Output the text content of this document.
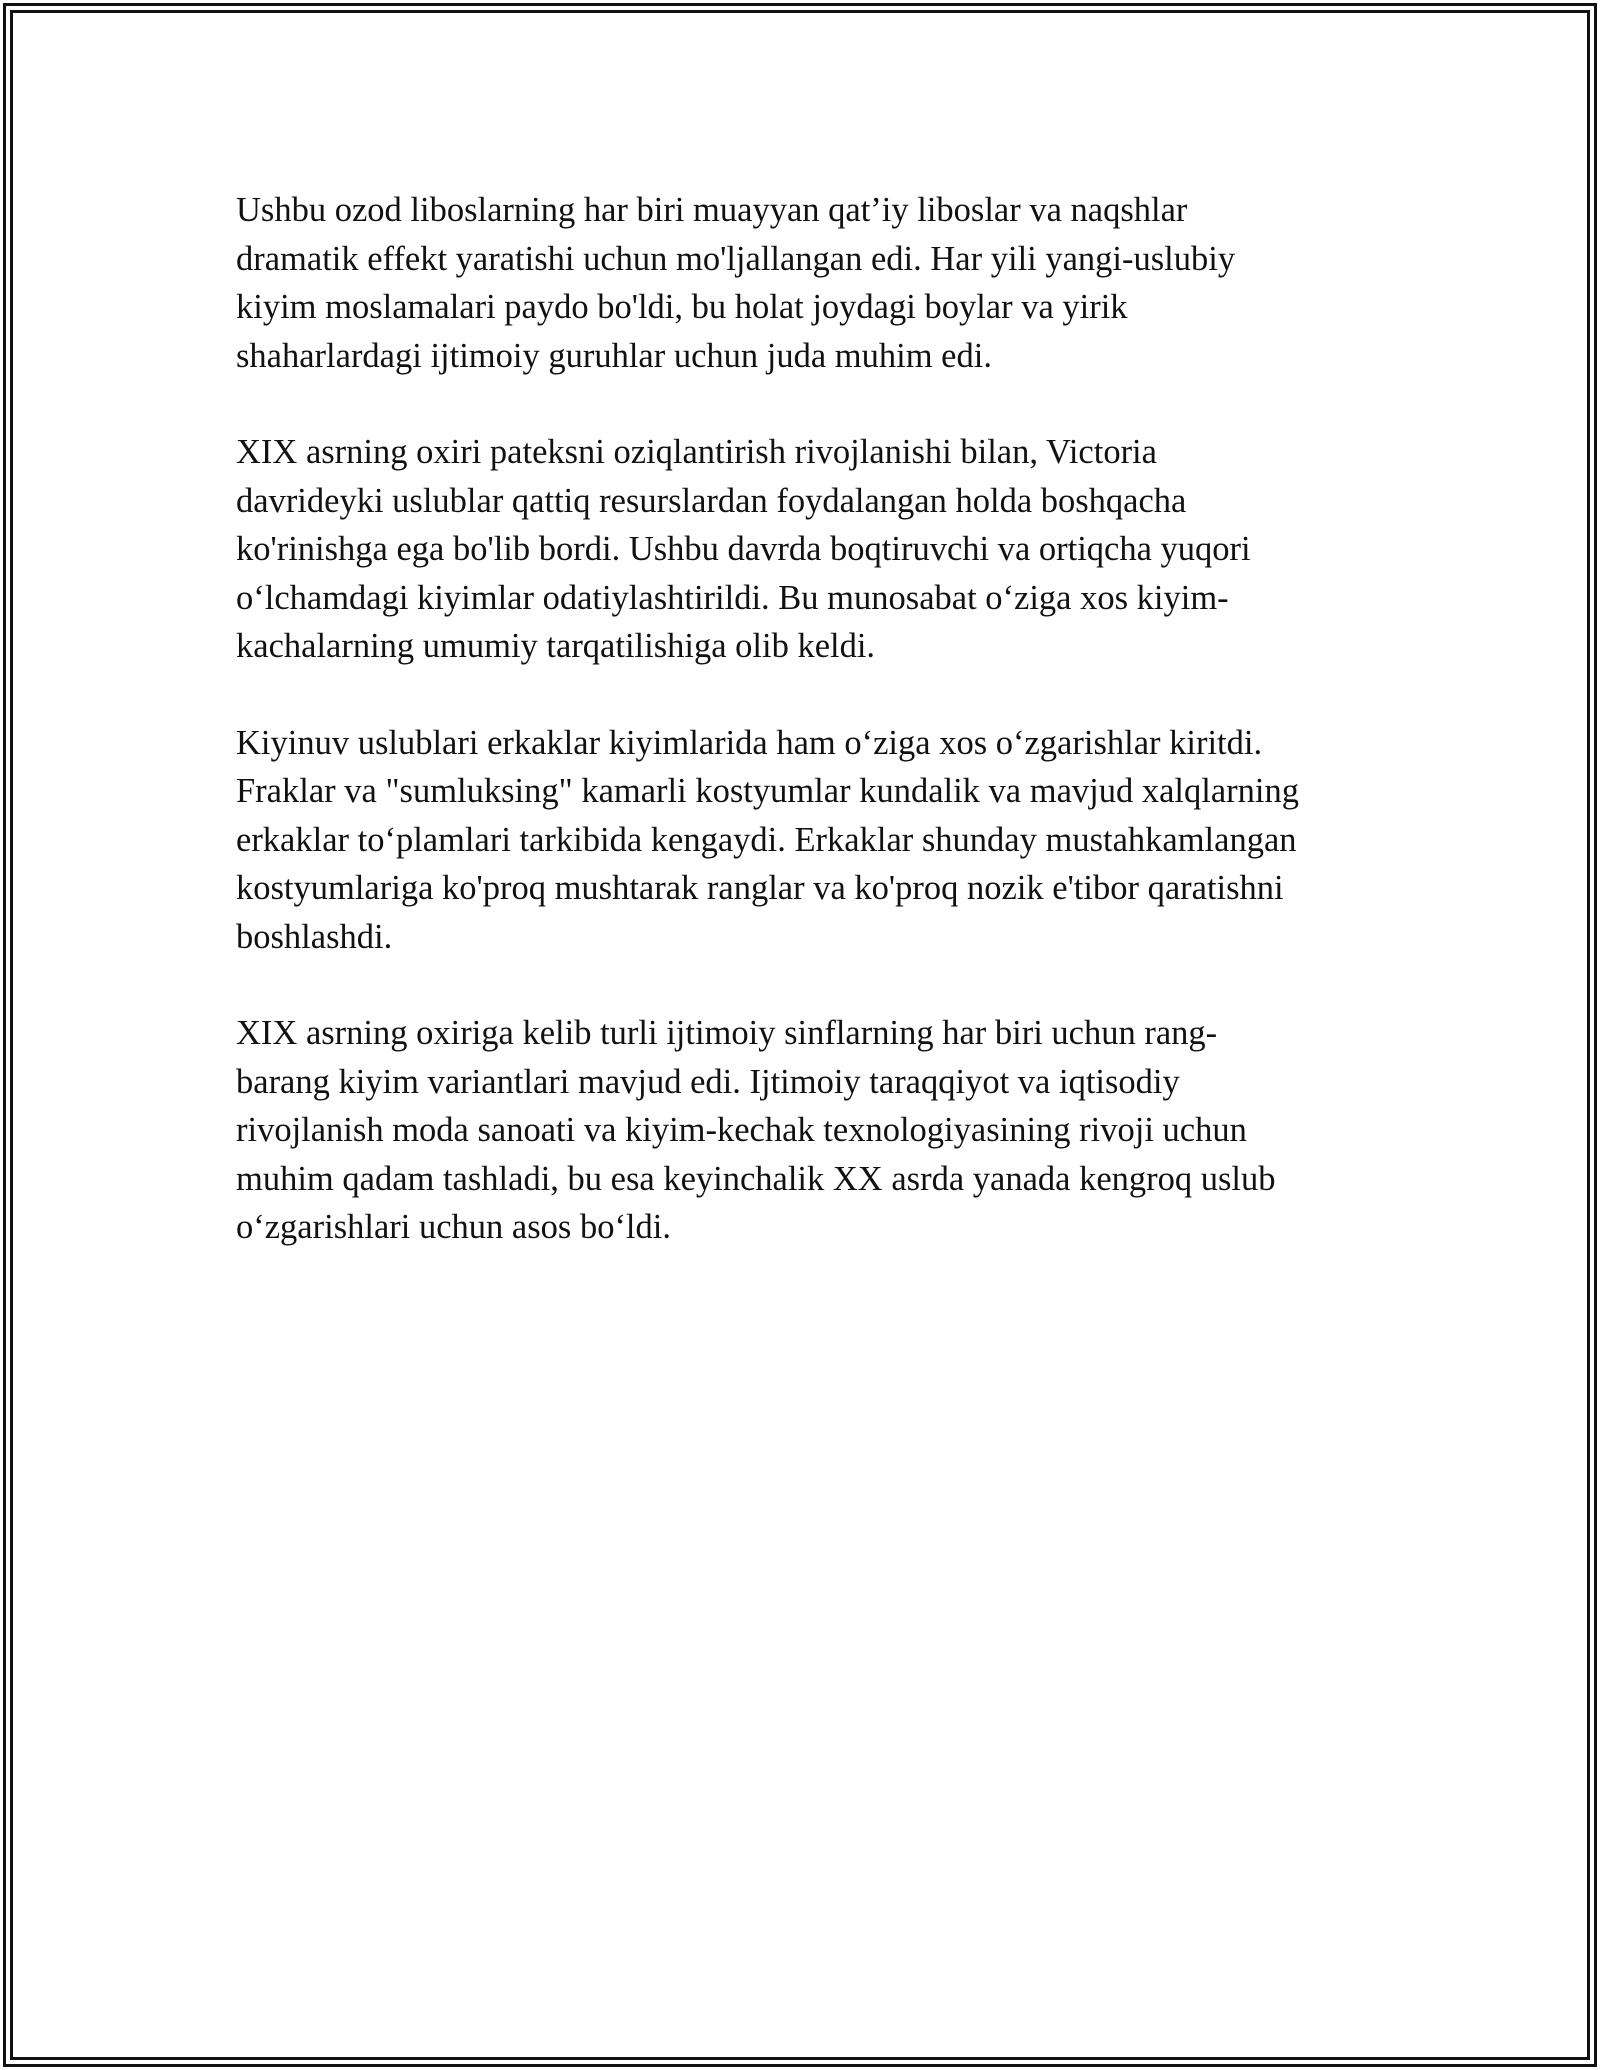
Ushbu ozod liboslarning har biri muayyan qat’iy liboslar va naqshlar
dramatik effekt yaratishi uchun mo'ljallangan edi. Har yili yangi-uslubiy
kiyim moslamalari paydo bo'ldi, bu holat joydagi boylar va yirik
shaharlardagi ijtimoiy guruhlar uchun juda muhim edi.

XIX asrning oxiri pateksni oziqlantirish rivojlanishi bilan, Victoria
davrideyki uslublar qattiq resurslardan foydalangan holda boshqacha
ko'rinishga ega bo'lib bordi. Ushbu davrda boqtiruvchi va ortiqcha yuqori
o‘lchamdagi kiyimlar odatiylashtirildi. Bu munosabat o‘ziga xos kiyim-
kachalarning umumiy tarqatilishiga olib keldi.

Kiyinuv uslublari erkaklar kiyimlarida ham o‘ziga xos o‘zgarishlar kiritdi.
Fraklar va "sumluksing" kamarli kostyumlar kundalik va mavjud xalqlarning
erkaklar to‘plamlari tarkibida kengaydi. Erkaklar shunday mustahkamlangan
kostyumlariga ko'proq mushtarak ranglar va ko'proq nozik e'tibor qaratishni
boshlashdi.

XIX asrning oxiriga kelib turli ijtimoiy sinflarning har biri uchun rang-
barang kiyim variantlari mavjud edi. Ijtimoiy taraqqiyot va iqtisodiy
rivojlanish moda sanoati va kiyim-kechak texnologiyasining rivoji uchun
muhim qadam tashladi, bu esa keyinchalik XX asrda yanada kengroq uslub
o‘zgarishlari uchun asos bo‘ldi.
